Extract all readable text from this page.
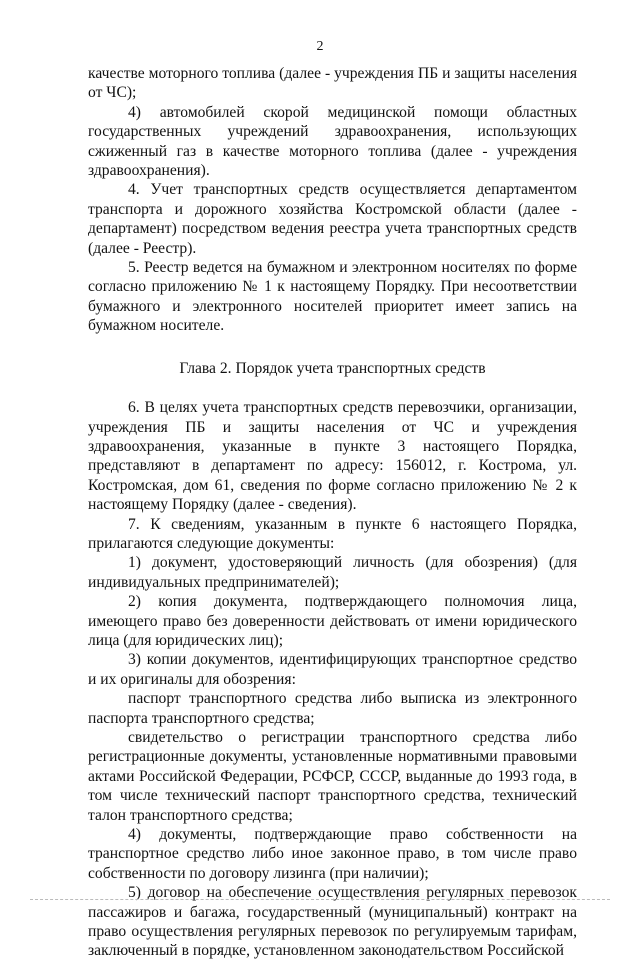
2

качестве моторного топлива (далее - учреждения ПБ и защиты населения от ЧС);

4) автомобилей скорой медицинской помощи областных государственных учреждений здравоохранения, использующих сжиженный газ в качестве моторного топлива (далее - учреждения здравоохранения).

4. Учет транспортных средств осуществляется департаментом транспорта и дорожного хозяйства Костромской области (далее - департамент) посредством ведения реестра учета транспортных средств (далее - Реестр).

5. Реестр ведется на бумажном и электронном носителях по форме согласно приложению № 1 к настоящему Порядку. При несоответствии бумажного и электронного носителей приоритет имеет запись на бумажном носителе.

Глава 2. Порядок учета транспортных средств

6. В целях учета транспортных средств перевозчики, организации, учреждения ПБ и защиты населения от ЧС и учреждения здравоохранения, указанные в пункте 3 настоящего Порядка, представляют в департамент по адресу: 156012, г. Кострома, ул. Костромская, дом 61, сведения по форме согласно приложению № 2 к настоящему Порядку (далее - сведения).

7. К сведениям, указанным в пункте 6 настоящего Порядка, прилагаются следующие документы:

1) документ, удостоверяющий личность (для обозрения) (для индивидуальных предпринимателей);

2) копия документа, подтверждающего полномочия лица, имеющего право без доверенности действовать от имени юридического лица (для юридических лиц);

3) копии документов, идентифицирующих транспортное средство и их оригиналы для обозрения:

паспорт транспортного средства либо выписка из электронного паспорта транспортного средства;

свидетельство о регистрации транспортного средства либо регистрационные документы, установленные нормативными правовыми актами Российской Федерации, РСФСР, СССР, выданные до 1993 года, в том числе технический паспорт транспортного средства, технический талон транспортного средства;

4) документы, подтверждающие право собственности на транспортное средство либо иное законное право, в том числе право собственности по договору лизинга (при наличии);

5) договор на обеспечение осуществления регулярных перевозок пассажиров и багажа, государственный (муниципальный) контракт на право осуществления регулярных перевозок по регулируемым тарифам, заключенный в порядке, установленном законодательством Российской
